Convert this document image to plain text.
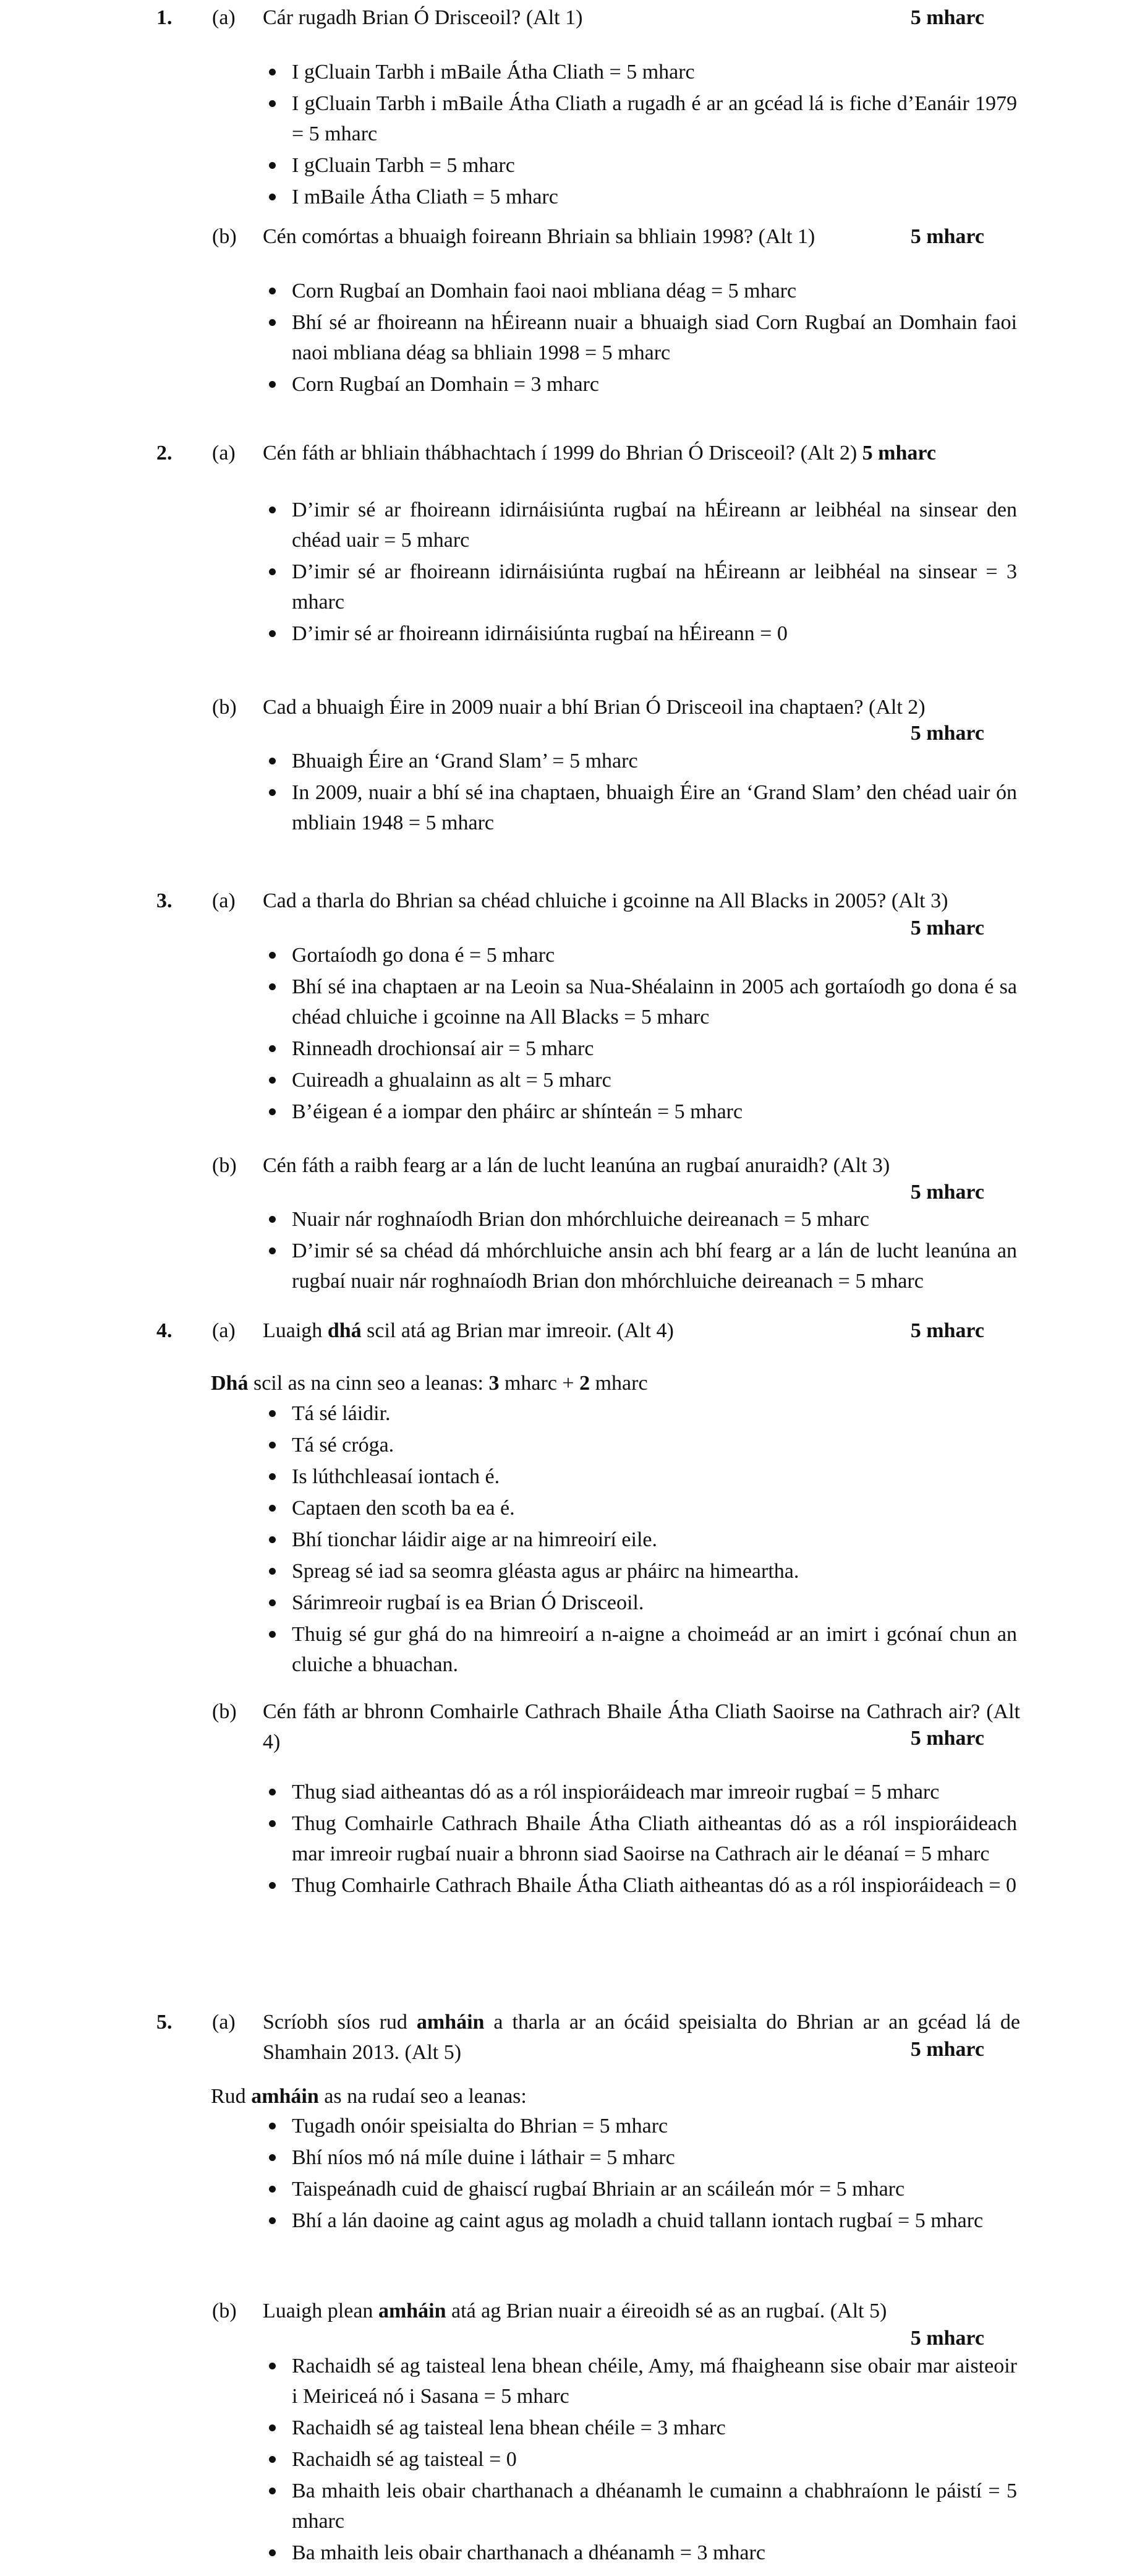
1. (a) Cár rugadh Brian Ó Drisceoil? (Alt 1)	5 mharc
I gCluain Tarbh i mBaile Átha Cliath = 5 mharc
I gCluain Tarbh i mBaile Átha Cliath a rugadh é ar an gcéad lá is fiche d’Eanáir 1979 = 5 mharc
I gCluain Tarbh = 5 mharc
I mBaile Átha Cliath = 5 mharc
(b) Cén comórtas a bhuaigh foireann Bhriain sa bhliain 1998? (Alt 1)	5 mharc
Corn Rugbaí an Domhain faoi naoi mbliana déag = 5 mharc
Bhí sé ar fhoireann na hÉireann nuair a bhuaigh siad Corn Rugbaí an Domhain faoi naoi mbliana déag sa bhliain 1998 = 5 mharc
Corn Rugbaí an Domhain = 3 mharc
2. (a) Cén fáth ar bhliain thábhachtach í 1999 do Bhrian Ó Drisceoil? (Alt 2) 5 mharc
D’imir sé ar fhoireann idirnáisiúnta rugbaí na hÉireann ar leibhéal na sinsear den chéad uair = 5 mharc
D’imir sé ar fhoireann idirnáisiúnta rugbaí na hÉireann ar leibhéal na sinsear = 3 mharc
D’imir sé ar fhoireann idirnáisiúnta rugbaí na hÉireann = 0
(b) Cad a bhuaigh Éire in 2009 nuair a bhí Brian Ó Drisceoil ina chaptaen? (Alt 2)
5 mharc
Bhuaigh Éire an ‘Grand Slam’ = 5 mharc
In 2009, nuair a bhí sé ina chaptaen, bhuaigh Éire an ‘Grand Slam’ den chéad uair ón mbliain 1948 = 5 mharc
3. (a) Cad a tharla do Bhrian sa chéad chluiche i gcoinne na All Blacks in 2005? (Alt 3)
5 mharc
Gortaíodh go dona é = 5 mharc
Bhí sé ina chaptaen ar na Leoin sa Nua-Shéalainn in 2005 ach gortaíodh go dona é sa chéad chluiche i gcoinne na All Blacks = 5 mharc
Rinneadh drochionsaí air = 5 mharc
Cuireadh a ghualainn as alt = 5 mharc
B’éigean é a iompar den pháirc ar shínteán = 5 mharc
(b) Cén fáth a raibh fearg ar a lán de lucht leanúna an rugbaí anuraidh? (Alt 3)
5 mharc
Nuair nár roghnaíodh Brian don mhórchluiche deireanach = 5 mharc
D’imir sé sa chéad dá mhórchluiche ansin ach bhí fearg ar a lán de lucht leanúna an rugbaí nuair nár roghnaíodh Brian don mhórchluiche deireanach = 5 mharc
4. (a) Luaigh dhá scil atá ag Brian mar imreoir. (Alt 4)	5 mharc
Dhá scil as na cinn seo a leanas: 3 mharc + 2 mharc
Tá sé láidir.
Tá sé cróga.
Is lúthchleasaí iontach é.
Captaen den scoth ba ea é.
Bhí tionchar láidir aige ar na himreoirí eile.
Spreag sé iad sa seomra gléasta agus ar pháirc na himeartha.
Sárimreoir rugbaí is ea Brian Ó Drisceoil.
Thuig sé gur ghá do na himreoirí a n-aigne a choimeád ar an imirt i gcónaí chun an cluiche a bhuachan.
(b) Cén fáth ar bhronn Comhairle Cathrach Bhaile Átha Cliath Saoirse na Cathrach air? (Alt 4)	5 mharc
Thug siad aitheantas dó as a ról inspioráideach mar imreoir rugbaí = 5 mharc
Thug Comhairle Cathrach Bhaile Átha Cliath aitheantas dó as a ról inspioráideach mar imreoir rugbaí nuair a bhronn siad Saoirse na Cathrach air le déanaí = 5 mharc
Thug Comhairle Cathrach Bhaile Átha Cliath aitheantas dó as a ról inspioráideach = 0
5. (a) Scríobh síos rud amháin a tharla ar an ócáid speisialta do Bhrian ar an gcéad lá de Shamhain 2013. (Alt 5)	5 mharc
Rud amháin as na rudaí seo a leanas:
Tugadh onóir speisialta do Bhrian = 5 mharc
Bhí níos mó ná míle duine i láthair = 5 mharc
Taispeánadh cuid de ghaiscí rugbaí Bhriain ar an scáileán mór = 5 mharc
Bhí a lán daoine ag caint agus ag moladh a chuid tallann iontach rugbaí = 5 mharc
(b) Luaigh plean amháin atá ag Brian nuair a éireoidh sé as an rugbaí. (Alt 5)
5 mharc
Rachaidh sé ag taisteal lena bhean chéile, Amy, má fhaigheann sise obair mar aisteoir i Meiriceá nó i Sasana = 5 mharc
Rachaidh sé ag taisteal lena bhean chéile = 3 mharc
Rachaidh sé ag taisteal = 0
Ba mhaith leis obair charthanach a dhéanamh le cumainn a chabhraíonn le páistí = 5 mharc
Ba mhaith leis obair charthanach a dhéanamh = 3 mharc
